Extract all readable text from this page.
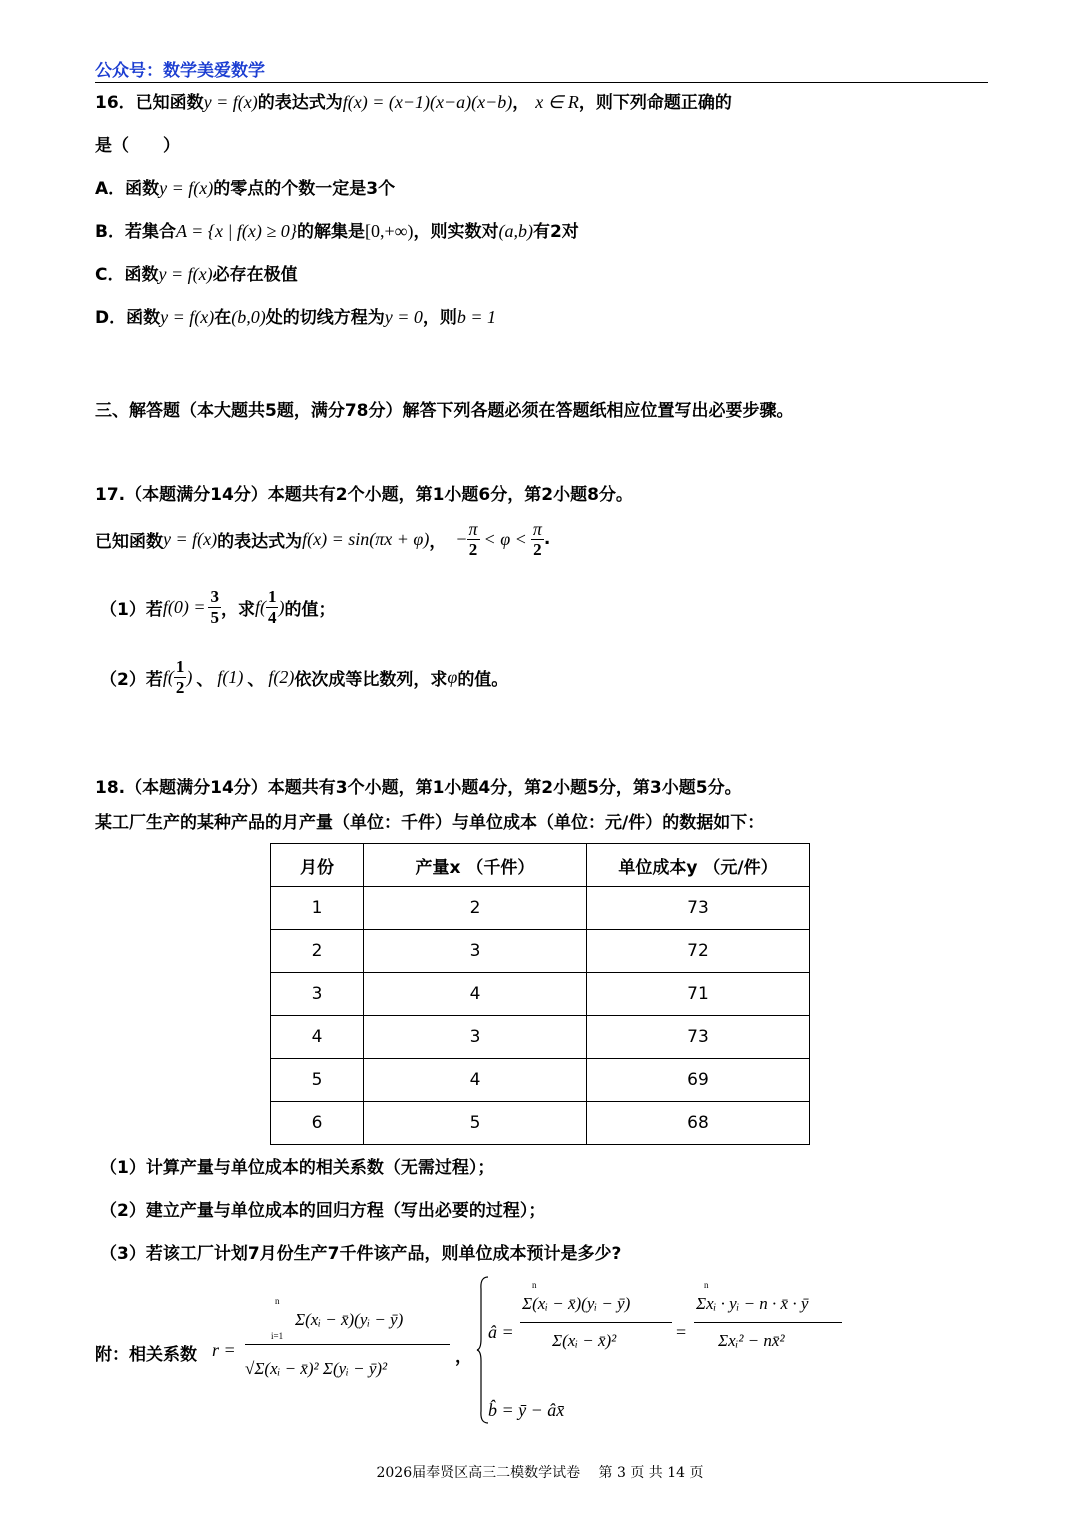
公众号：数学美爱数学
16．已知函数y = f(x)的表达式为f(x) = (x−1)(x−a)(x−b)， x ∈ R，则下列命题正确的
是（　　）
A．函数y = f(x)的零点的个数一定是3个
B．若集合A = {x | f(x) ≥ 0}的解集是[0,+∞)，则实数对(a,b)有2对
C．函数y = f(x)必存在极值
D．函数y = f(x)在(b,0)处的切线方程为y = 0，则b = 1
三、解答题（本大题共5题，满分78分）解答下列各题必须在答题纸相应位置写出必要步骤。
17.（本题满分14分）本题共有2个小题，第1小题6分，第2小题8分。
已知函数 y = f(x) 的表达式为 f(x) = sin(πx + φ) ， − $\frac{\pi}{2} < \varphi < \frac{\pi}{2}$ .
（1）若 $f(0) = \frac{3}{5}$ ，求 $f( \frac{1}{4}$ ) 的值；
（2）若 $f( \frac{1}{2}$ ) 、 f(1) 、 f(2) 依次成等比数列，求 φ 的值。
18.（本题满分14分）本题共有3个小题，第1小题4分，第2小题5分，第3小题5分。
某工厂生产的某种产品的月产量（单位：千件）与单位成本（单位：元/件）的数据如下：
月份	产量x （千件）	单位成本y （元/件）
1	2	73
2	3	72
3	4	71
4	3	73
5	4	69
6	5	68
（1）计算产量与单位成本的相关系数（无需过程）；
（2）建立产量与单位成本的回归方程（写出必要的过程）；
（3）若该工厂计划7月份生产7千件该产品，则单位成本预计是多少?
附：相关系数 r =
n
Σ(xᵢ − x̄)(yᵢ − ȳ)
i=1
√Σ(xᵢ − x̄)² Σ(yᵢ − ȳ)²
，
â =
n
Σ(xᵢ − x̄)(yᵢ − ȳ)
Σ(xᵢ − x̄)²	=
n
Σxᵢ · yᵢ − n · x̄ · ȳ
Σxᵢ² − nx̄²
b̂ = ȳ − âx̄
2026届奉贤区高三二模数学试卷　 第 3 页 共 14 页
